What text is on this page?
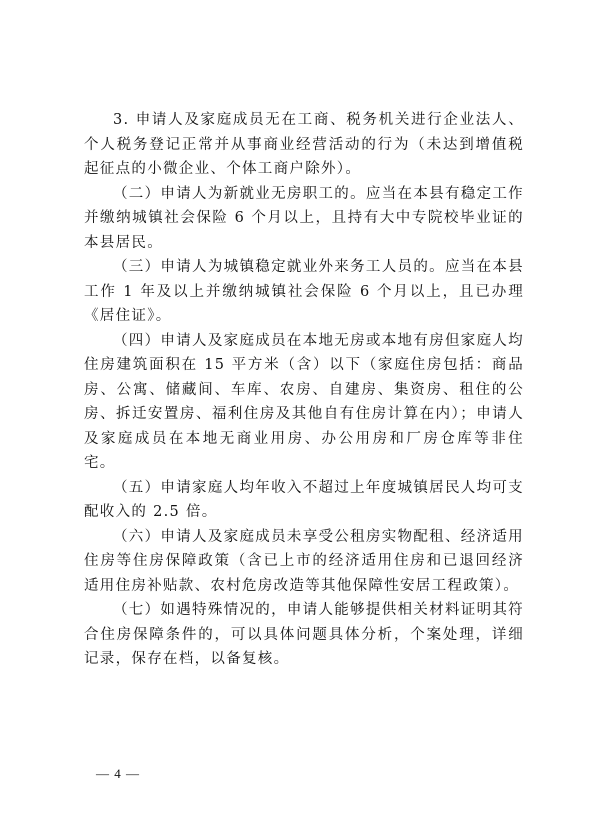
3. 申请人及家庭成员无在工商、税务机关进行企业法人、个人税务登记正常并从事商业经营活动的行为（未达到增值税起征点的小微企业、个体工商户除外）。

（二）申请人为新就业无房职工的。应当在本县有稳定工作并缴纳城镇社会保险 6 个月以上，且持有大中专院校毕业证的本县居民。

（三）申请人为城镇稳定就业外来务工人员的。应当在本县工作 1 年及以上并缴纳城镇社会保险 6 个月以上，且已办理《居住证》。

（四）申请人及家庭成员在本地无房或本地有房但家庭人均住房建筑面积在 15 平方米（含）以下（家庭住房包括：商品房、公寓、储藏间、车库、农房、自建房、集资房、租住的公房、拆迁安置房、福利住房及其他自有住房计算在内）；申请人及家庭成员在本地无商业用房、办公用房和厂房仓库等非住宅。

（五）申请家庭人均年收入不超过上年度城镇居民人均可支配收入的 2.5 倍。

（六）申请人及家庭成员未享受公租房实物配租、经济适用住房等住房保障政策（含已上市的经济适用住房和已退回经济适用住房补贴款、农村危房改造等其他保障性安居工程政策）。

（七）如遇特殊情况的，申请人能够提供相关材料证明其符合住房保障条件的，可以具体问题具体分析，个案处理，详细记录，保存在档，以备复核。

— 4 —
